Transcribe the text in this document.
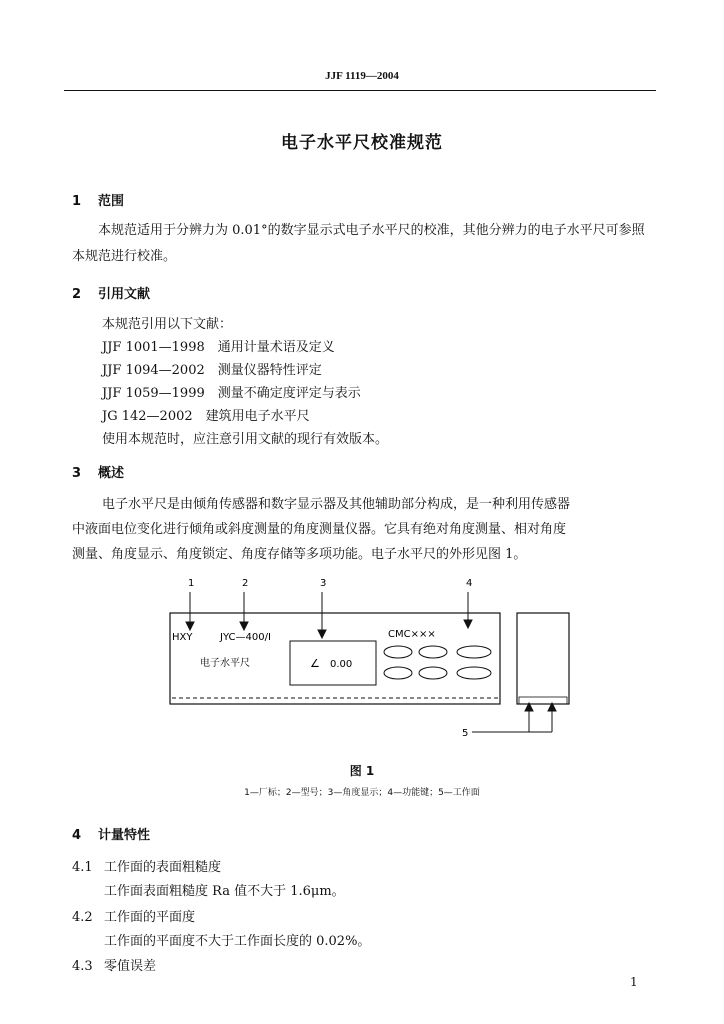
JJF 1119—2004
电子水平尺校准规范
1 范围
本规范适用于分辨力为 0.01°的数字显示式电子水平尺的校准，其他分辨力的电子水平尺可参照本规范进行校准。
2 引用文献
本规范引用以下文献：
JJF 1001—1998　通用计量术语及定义
JJF 1094—2002　测量仪器特性评定
JJF 1059—1999　测量不确定度评定与表示
JG 142—2002　建筑用电子水平尺
使用本规范时，应注意引用文献的现行有效版本。
3 概述
电子水平尺是由倾角传感器和数字显示器及其他辅助部分构成，是一种利用传感器
中液面电位变化进行倾角或斜度测量的角度测量仪器。它具有绝对角度测量、相对角度
测量、角度显示、角度锁定、角度存储等多项功能。电子水平尺的外形见图 1。
1	2	3	4
5
HXY	JYC—400/I
电子水平尺	∠ 0.00
CMC×××
图 1
1—厂标；2—型号；3—角度显示；4—功能键；5—工作面
4 计量特性
4.1 工作面的表面粗糙度
工作面表面粗糙度 Ra 值不大于 1.6μm。
4.2 工作面的平面度
工作面的平面度不大于工作面长度的 0.02%。
4.3 零值误差
1
